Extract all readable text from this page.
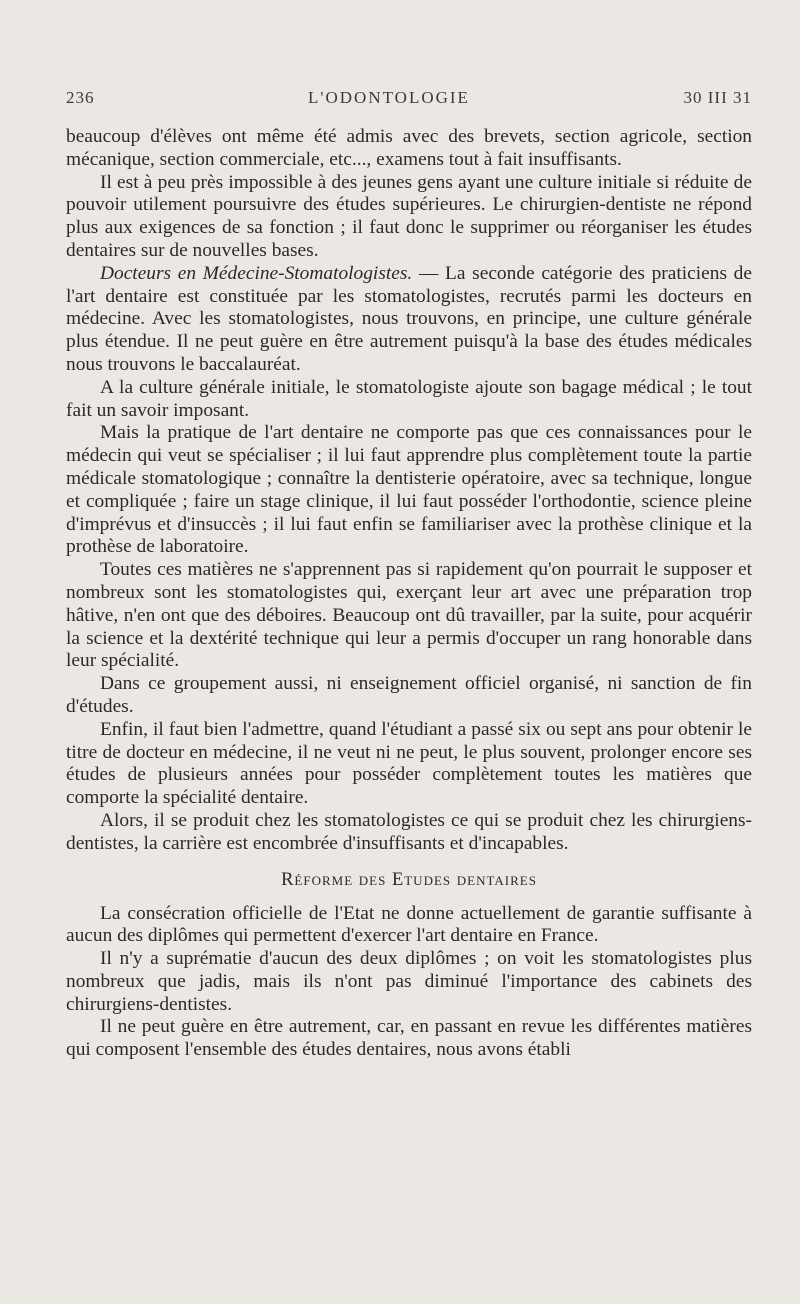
236	L'ODONTOLOGIE	30 III 31

beaucoup d'élèves ont même été admis avec des brevets, section agricole, section mécanique, section commerciale, etc..., examens tout à fait insuffisants.

Il est à peu près impossible à des jeunes gens ayant une culture initiale si réduite de pouvoir utilement poursuivre des études supérieures. Le chirurgien-dentiste ne répond plus aux exigences de sa fonction ; il faut donc le supprimer ou réorganiser les études dentaires sur de nouvelles bases.

Docteurs en Médecine-Stomatologistes. — La seconde catégorie des praticiens de l'art dentaire est constituée par les stomatologistes, recrutés parmi les docteurs en médecine. Avec les stomatologistes, nous trouvons, en principe, une culture générale plus étendue. Il ne peut guère en être autrement puisqu'à la base des études médicales nous trouvons le baccalauréat.

A la culture générale initiale, le stomatologiste ajoute son bagage médical ; le tout fait un savoir imposant.

Mais la pratique de l'art dentaire ne comporte pas que ces connaissances pour le médecin qui veut se spécialiser ; il lui faut apprendre plus complètement toute la partie médicale stomatologique ; connaître la dentisterie opératoire, avec sa technique, longue et compliquée ; faire un stage clinique, il lui faut posséder l'orthodontie, science pleine d'imprévus et d'insuccès ; il lui faut enfin se familiariser avec la prothèse clinique et la prothèse de laboratoire.

Toutes ces matières ne s'apprennent pas si rapidement qu'on pourrait le supposer et nombreux sont les stomatologistes qui, exerçant leur art avec une préparation trop hâtive, n'en ont que des déboires. Beaucoup ont dû travailler, par la suite, pour acquérir la science et la dextérité technique qui leur a permis d'occuper un rang honorable dans leur spécialité.

Dans ce groupement aussi, ni enseignement officiel organisé, ni sanction de fin d'études.

Enfin, il faut bien l'admettre, quand l'étudiant a passé six ou sept ans pour obtenir le titre de docteur en médecine, il ne veut ni ne peut, le plus souvent, prolonger encore ses études de plusieurs années pour posséder complètement toutes les matières que comporte la spécialité dentaire.

Alors, il se produit chez les stomatologistes ce qui se produit chez les chirurgiens-dentistes, la carrière est encombrée d'insuffisants et d'incapables.

Réforme des Etudes dentaires

La consécration officielle de l'Etat ne donne actuellement de garantie suffisante à aucun des diplômes qui permettent d'exercer l'art dentaire en France.

Il n'y a suprématie d'aucun des deux diplômes ; on voit les stomatologistes plus nombreux que jadis, mais ils n'ont pas diminué l'importance des cabinets des chirurgiens-dentistes.

Il ne peut guère en être autrement, car, en passant en revue les différentes matières qui composent l'ensemble des études dentaires, nous avons établi
